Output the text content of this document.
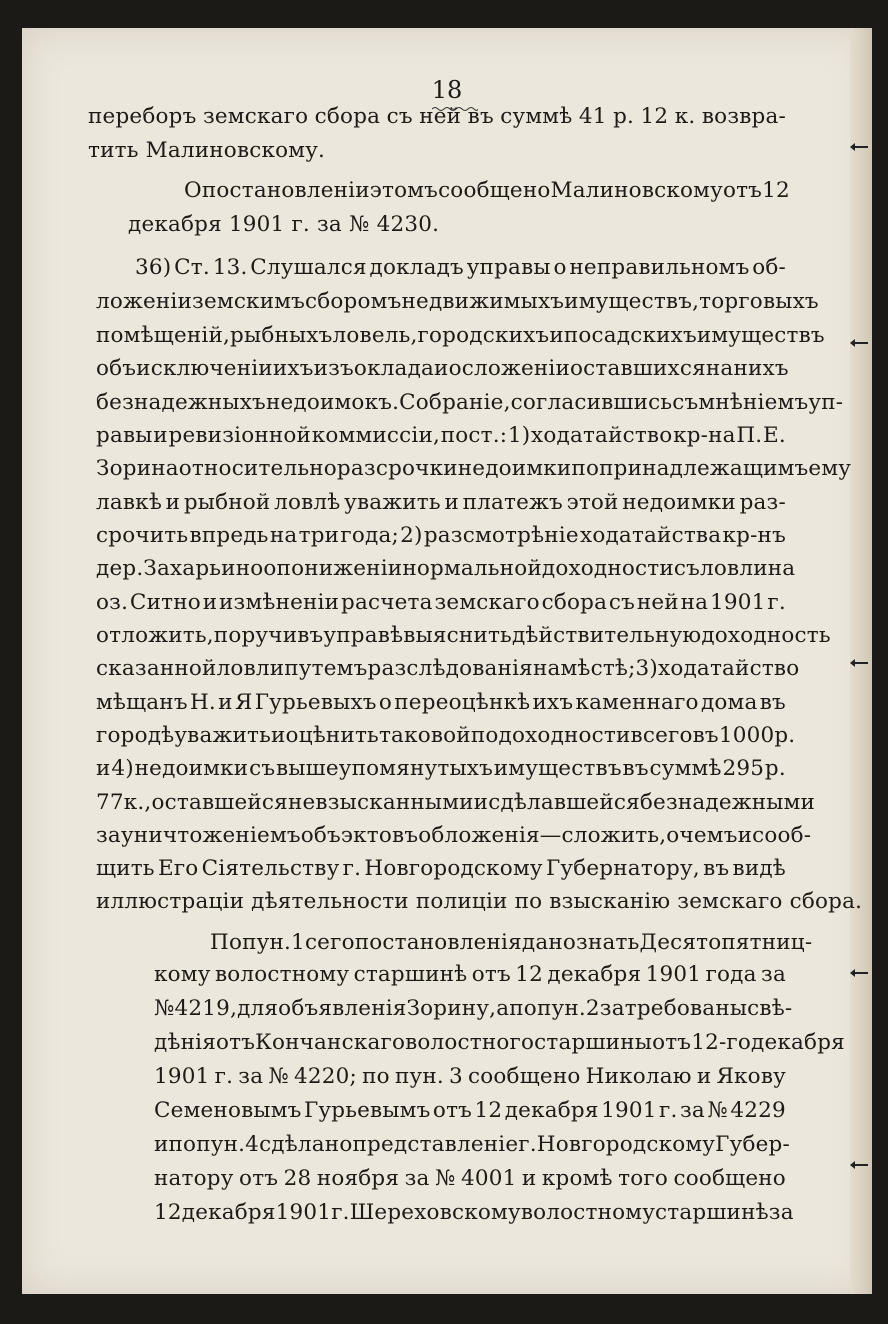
18
переборъ земскаго сбора съ ней въ суммѣ 41 р. 12 к. возвра-
тить Малиновскому.
О постановленіи этомъ сообщено Малиновскому отъ 12
декабря 1901 г. за № 4230.
36) Ст. 13. Слушался докладъ управы о неправильномъ об-
ложеніи земскимъ сборомъ недвижимыхъ имуществъ, торговыхъ
помѣщеній, рыбныхъ ловель, городскихъ и посадскихъ имуществъ
объ исключеніи ихъ изъ оклада и о сложеніи оставшихся на нихъ
безнадежныхъ недоимокъ. Собраніе, согласившись съ мнѣніемъ уп-
равы и ревизіонной коммиссіи, пост.: 1) ходатайство кр-на П. Е.
Зорина относительно разсрочки недоимки по принадлежащимъ ему
лавкѣ и рыбной ловлѣ уважить и платежъ этой недоимки раз-
срочить впредь на три года; 2) разсмотрѣніе ходатайства кр-нъ
дер. Захарьино о пониженіи нормальной доходности съ ловли на
оз. Ситно и измѣненіи расчета земскаго сбора съ ней на 1901 г.
отложить, поручивъ управѣ выяснить дѣйствительную доходность
сказанной ловли путемъ разслѣдованія на мѣстѣ; 3) ходатайство
мѣщанъ Н. и Я Гурьевыхъ о переоцѣнкѣ ихъ каменнаго дома въ
городѣ уважить и оцѣнить таковой по доходности всего въ 1000 р.
и 4) недоимки съ вышеупомянутыхъ имуществъ въ суммѣ 295 р.
77 к., оставшейся не взысканными и сдѣлавшейся безнадежными
за уничтоженіемъ объэктовъ обложенія—сложить, о чемъ и сооб-
щить Его Сіятельству г. Новгородскому Губернатору, въ видѣ
иллюстраціи дѣятельности полиціи по взысканію земскаго сбора.
По пун. 1 сего постановленія дано знать Десятопятниц-
кому волостному старшинѣ отъ 12 декабря 1901 года за
№ 4219, для объявленія Зорину, а по пун. 2 затребованы свѣ-
дѣнія отъ Кончанскаго волостного старшины отъ 12-го декабря
1901 г. за № 4220; по пун. 3 сообщено Николаю и Якову
Семеновымъ Гурьевымъ отъ 12 декабря 1901 г. за № 4229
и по пун. 4 сдѣлано представленіе г. Новгородскому Губер-
натору отъ 28 ноября за № 4001 и кромѣ того сообщено
12 декабря 1901 г. Шереховскому волостному старшинѣ за
